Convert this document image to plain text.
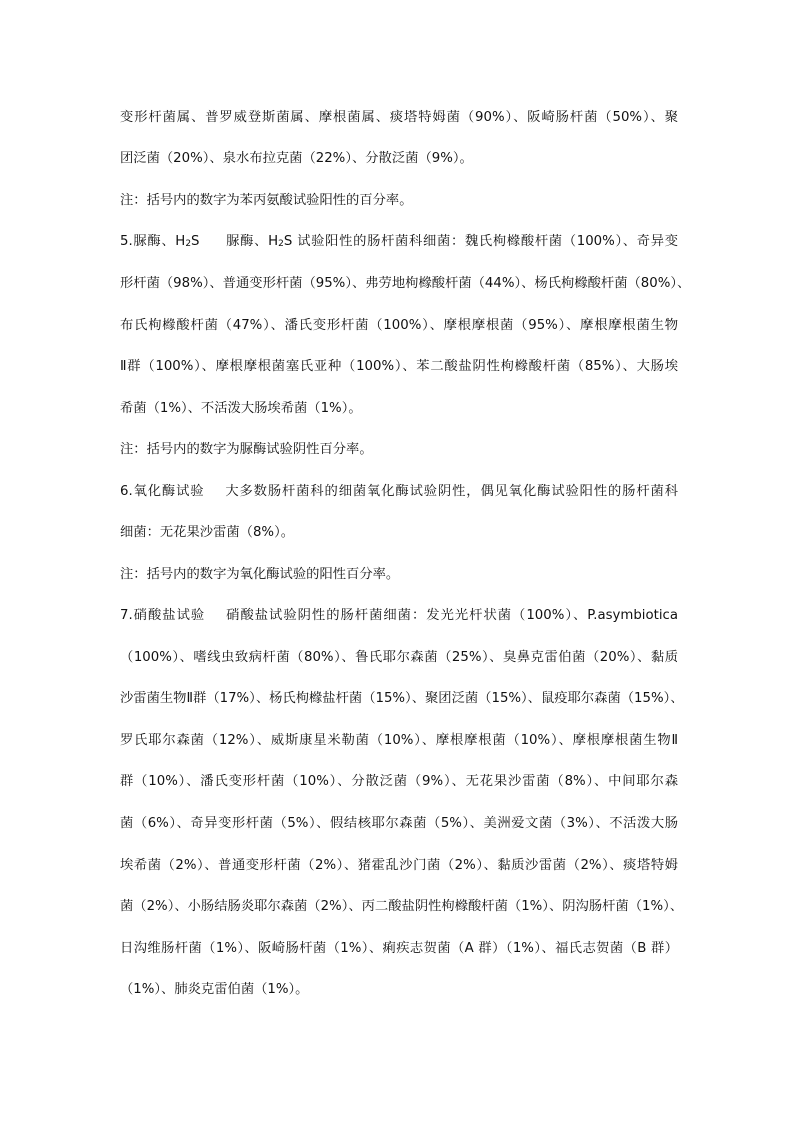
变形杆菌属、普罗威登斯菌属、摩根菌属、痰塔特姆菌（90%）、阪崎肠杆菌（50%）、聚
团泛菌（20%）、泉水布拉克菌（22%）、分散泛菌（9%）。
注：括号内的数字为苯丙氨酸试验阳性的百分率。
5.脲酶、$H_2S$ 脲酶、$H_2S$ 试验阳性的肠杆菌科细菌：魏氏枸橼酸杆菌（100%）、奇异变
形杆菌（98%）、普通变形杆菌（95%）、弗劳地枸橼酸杆菌（44%）、杨氏枸橼酸杆菌（80%）、
布氏枸橼酸杆菌（47%）、潘氏变形杆菌（100%）、摩根摩根菌（95%）、摩根摩根菌生物
Ⅱ群（100%）、摩根摩根菌塞氏亚种（100%）、苯二酸盐阴性枸橼酸杆菌（85%）、大肠埃
希菌（1%）、不活泼大肠埃希菌（1%）。
注：括号内的数字为脲酶试验阴性百分率。
6.氧化酶试验 大多数肠杆菌科的细菌氧化酶试验阴性，偶见氧化酶试验阳性的肠杆菌科
细菌：无花果沙雷菌（8%）。
注：括号内的数字为氧化酶试验的阳性百分率。
7.硝酸盐试验 硝酸盐试验阴性的肠杆菌细菌：发光光杆状菌（100%）、P.asymbiotica
（100%）、嗜线虫致病杆菌（80%）、鲁氏耶尔森菌（25%）、臭鼻克雷伯菌（20%）、黏质
沙雷菌生物Ⅱ群（17%）、杨氏枸橼盐杆菌（15%）、聚团泛菌（15%）、鼠疫耶尔森菌（15%）、
罗氏耶尔森菌（12%）、威斯康星米勒菌（10%）、摩根摩根菌（10%）、摩根摩根菌生物Ⅱ
群（10%）、潘氏变形杆菌（10%）、分散泛菌（9%）、无花果沙雷菌（8%）、中间耶尔森
菌（6%）、奇异变形杆菌（5%）、假结核耶尔森菌（5%）、美洲爱文菌（3%）、不活泼大肠
埃希菌（2%）、普通变形杆菌（2%）、猪霍乱沙门菌（2%）、黏质沙雷菌（2%）、痰塔特姆
菌（2%）、小肠结肠炎耶尔森菌（2%）、丙二酸盐阴性枸橼酸杆菌（1%）、阴沟肠杆菌（1%）、
日沟维肠杆菌（1%）、阪崎肠杆菌（1%）、痢疾志贺菌（A 群）（1%）、福氏志贺菌（B 群）
（1%）、肺炎克雷伯菌（1%）。
